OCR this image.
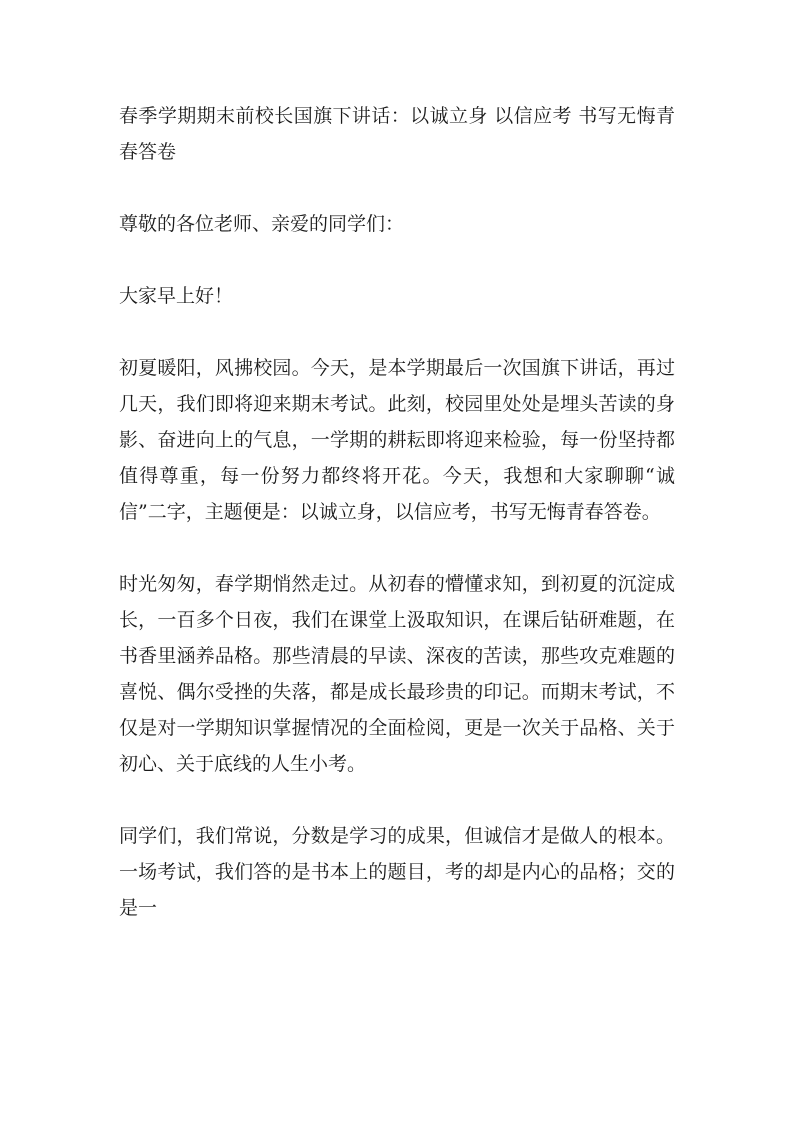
春季学期期末前校长国旗下讲话：以诚立身 以信应考 书写无悔青春答卷

尊敬的各位老师、亲爱的同学们：

大家早上好！

初夏暖阳，风拂校园。今天，是本学期最后一次国旗下讲话，再过几天，我们即将迎来期末考试。此刻，校园里处处是埋头苦读的身影、奋进向上的气息，一学期的耕耘即将迎来检验，每一份坚持都值得尊重，每一份努力都终将开花。今天，我想和大家聊聊“诚信”二字，主题便是：以诚立身，以信应考，书写无悔青春答卷。

时光匆匆，春学期悄然走过。从初春的懵懂求知，到初夏的沉淀成长，一百多个日夜，我们在课堂上汲取知识，在课后钻研难题，在书香里涵养品格。那些清晨的早读、深夜的苦读，那些攻克难题的喜悦、偶尔受挫的失落，都是成长最珍贵的印记。而期末考试，不仅是对一学期知识掌握情况的全面检阅，更是一次关于品格、关于初心、关于底线的人生小考。

同学们，我们常说，分数是学习的成果，但诚信才是做人的根本。一场考试，我们答的是书本上的题目，考的却是内心的品格；交的是一
